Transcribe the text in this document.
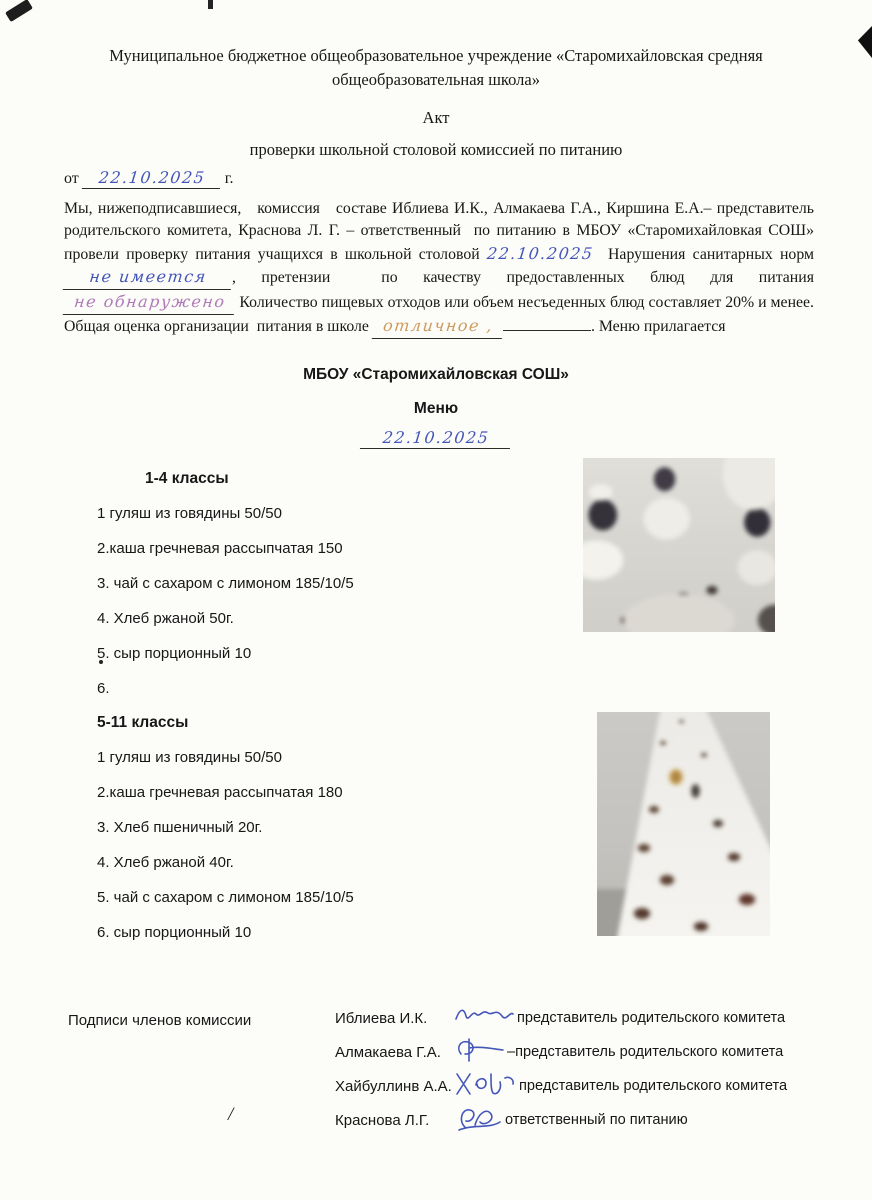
Муниципальное бюджетное общеобразовательное учреждение «Старомихайловская средняя общеобразовательная школа»
Акт
проверки школьной столовой комиссией по питанию
от 22.10.2025 г.

Мы, нижеподписавшиеся,   комиссия   составе Иблиева И.К., Алмакаева Г.А., Киршина Е.А.– представитель родительского комитета, Краснова Л. Г. – ответственный  по питанию в МБОУ «Старомихайловкая СОШ» провели проверку питания учащихся в школьной столовой 22.10.2025  Нарушения санитарных норм не имеется , претензии  по качеству предоставленных блюд для питания не обнаружено Количество пищевых отходов или объем несъеденных блюд составляет 20% и менее. Общая оценка организации  питания в школе отличное ,	. Меню прилагается

МБОУ «Старомихайловская СОШ»
Меню
22.10.2025
1-4 классы
1 гуляш из говядины 50/50
2.каша гречневая рассыпчатая 150
3. чай с сахаром с лимоном 185/10/5
4. Хлеб ржаной 50г.
5. сыр порционный 10
6.
5-11 классы
1 гуляш из говядины 50/50
2.каша гречневая рассыпчатая 180
3. Хлеб пшеничный 20г.
4. Хлеб ржаной 40г.
5. чай с сахаром с лимоном 185/10/5
6. сыр порционный 10
Подписи членов комиссии	Иблиева И.К.	представитель родительского комитета
Алмакаева Г.А.	–представитель родительского комитета
Хайбуллинв А.А.	представитель родительского комитета
Краснова Л.Г.	ответственный по питанию
/
